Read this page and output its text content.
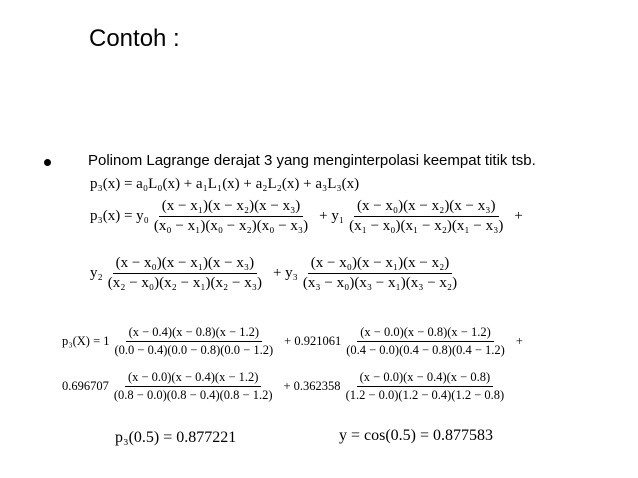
Contoh :
Polinom Lagrange derajat 3 yang menginterpolasi keempat titik tsb.
p₃(x) = a₀L₀(x) + a₁L₁(x) + a₂L₂(x) + a₃L₃(x)
$p_3(x) = y_0 \frac{\text{(x − x₁)(x − x₂)(x − x₃)}}{\text{(x₀ − x₁)(x₀ − x₂)(x₀ − x₃)}} + y_1 \frac{\text{(x − x₀)(x − x₂)(x − x₃)}}{\text{(x₁ − x₀)(x₁ − x₂)(x₁ − x₃)}}$ +
$y_2 \frac{\text{(x − x₀)(x − x₁)(x − x₃)}}{\text{(x₂ − x₀)(x₂ − x₁)(x₂ − x₃)}} + y_3 \frac{\text{(x − x₀)(x − x₁)(x − x₂)}}{\text{(x₃ − x₀)(x₃ − x₁)(x₃ − x₂)}}$
$p_3(X) = 1 \frac{(x - 0.4)(x - 0.8)(x - 1.2)}{(0.0 - 0.4)(0.0 - 0.8)(0.0 - 1.2)} + 0.921061 \frac{(x - 0.0)(x - 0.8)(x - 1.2)}{(0.4 - 0.0)(0.4 - 0.8)(0.4 - 1.2)}$ +
$0.696707 \frac{(x - 0.0)(x - 0.4)(x - 1.2)}{(0.8 - 0.0)(0.8 - 0.4)(0.8 - 1.2)} + 0.362358 \frac{(x - 0.0)(x - 0.4)(x - 0.8)}{(1.2 - 0.0)(1.2 - 0.4)(1.2 - 0.8)}$
p₃(0.5) = 0.877221	y = cos(0.5) = 0.877583
